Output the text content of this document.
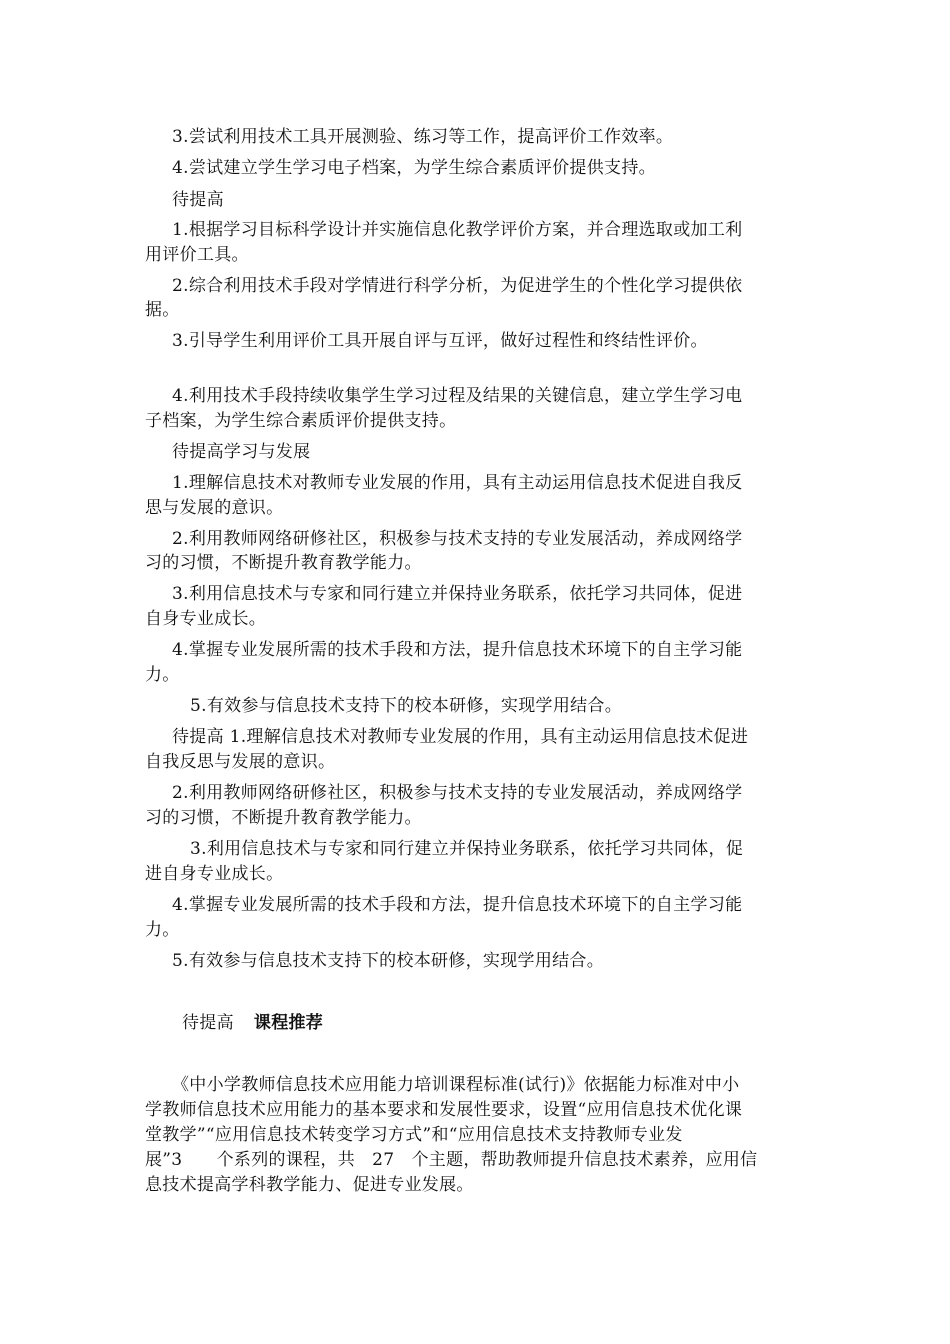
3.尝试利用技术工具开展测验、练习等工作，提高评价工作效率。
4.尝试建立学生学习电子档案，为学生综合素质评价提供支持。
待提高
1.根据学习目标科学设计并实施信息化教学评价方案，并合理选取或加工利
用评价工具。
2.综合利用技术手段对学情进行科学分析，为促进学生的个性化学习提供依
据。
3.引导学生利用评价工具开展自评与互评，做好过程性和终结性评价。
4.利用技术手段持续收集学生学习过程及结果的关键信息，建立学生学习电
子档案，为学生综合素质评价提供支持。
待提高学习与发展
1.理解信息技术对教师专业发展的作用，具有主动运用信息技术促进自我反
思与发展的意识。
2.利用教师网络研修社区，积极参与技术支持的专业发展活动，养成网络学
习的习惯，不断提升教育教学能力。
3.利用信息技术与专家和同行建立并保持业务联系，依托学习共同体，促进
自身专业成长。
4.掌握专业发展所需的技术手段和方法，提升信息技术环境下的自主学习能
力。
5.有效参与信息技术支持下的校本研修，实现学用结合。
待提高 1.理解信息技术对教师专业发展的作用，具有主动运用信息技术促进
自我反思与发展的意识。
2.利用教师网络研修社区，积极参与技术支持的专业发展活动，养成网络学
习的习惯，不断提升教育教学能力。
3.利用信息技术与专家和同行建立并保持业务联系，依托学习共同体，促
进自身专业成长。
4.掌握专业发展所需的技术手段和方法，提升信息技术环境下的自主学习能
力。
5.有效参与信息技术支持下的校本研修，实现学用结合。
待提高 课程推荐
《中小学教师信息技术应用能力培训课程标准(试行)》依据能力标准对中小
学教师信息技术应用能力的基本要求和发展性要求，设置“应用信息技术优化课
堂教学”“应用信息技术转变学习方式”和“应用信息技术支持教师专业发
展”3      个系列的课程，共   27   个主题，帮助教师提升信息技术素养，应用信
息技术提高学科教学能力、促进专业发展。
